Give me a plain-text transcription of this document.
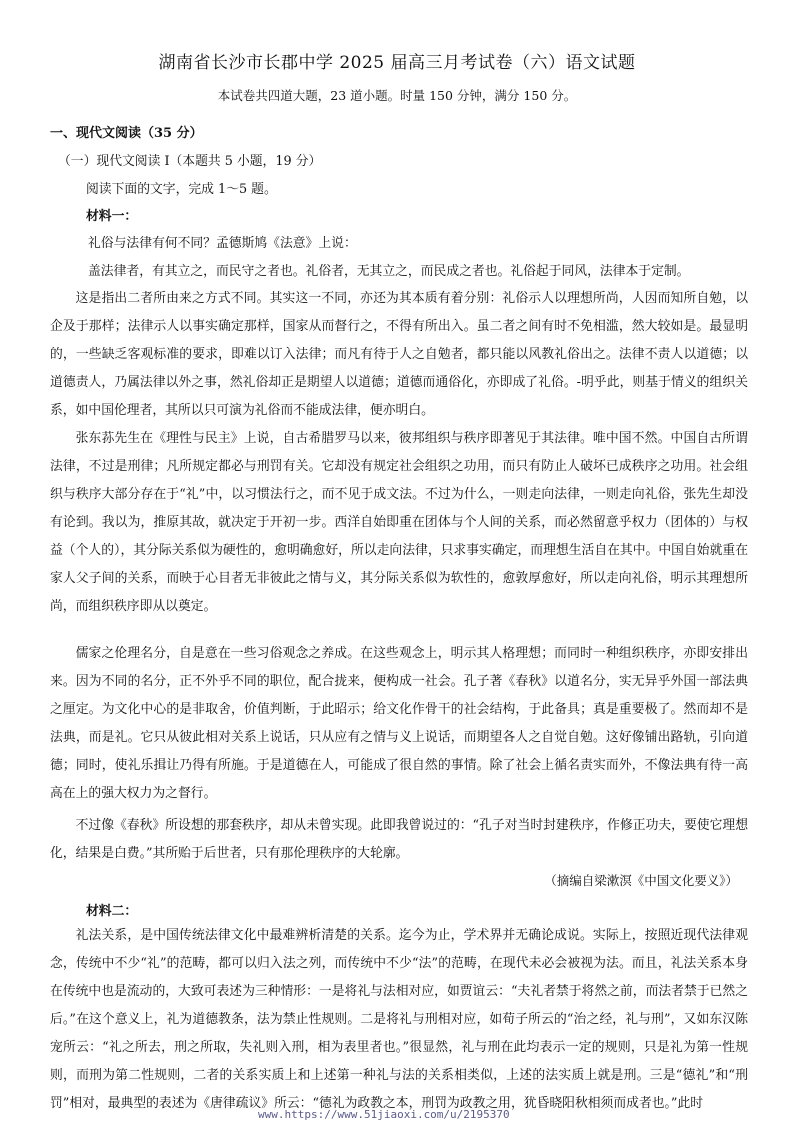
湖南省长沙市长郡中学 2025 届高三月考试卷（六）语文试题
本试卷共四道大题，23 道小题。时量 150 分钟，满分 150 分。
一、现代文阅读（35 分）
（一）现代文阅读 I（本题共 5 小题，19 分）
阅读下面的文字，完成 1～5 题。
材料一：
礼俗与法律有何不同？孟德斯鸠《法意》上说：
盖法律者，有其立之，而民守之者也。礼俗者，无其立之，而民成之者也。礼俗起于同风，法律本于定制。
这是指出二者所由来之方式不同。其实这一不同，亦还为其本质有着分别：礼俗示人以理想所尚，人因而知所自勉，以企及于那样；法律示人以事实确定那样，国家从而督行之，不得有所出入。虽二者之间有时不免相滥，然大较如是。最显明的，一些缺乏客观标准的要求，即难以订入法律；而凡有待于人之自勉者，都只能以风教礼俗出之。法律不责人以道德；以道德责人，乃属法律以外之事，然礼俗却正是期望人以道德；道德而通俗化，亦即成了礼俗。-明乎此，则基于情义的组织关系，如中国伦理者，其所以只可演为礼俗而不能成法律，便亦明白。
张东荪先生在《理性与民主》上说，自古希腊罗马以来，彼邦组织与秩序即著见于其法律。唯中国不然。中国自古所谓法律，不过是刑律；凡所规定都必与刑罚有关。它却没有规定社会组织之功用，而只有防止人破坏已成秩序之功用。社会组织与秩序大部分存在于“礼”中，以习惯法行之，而不见于成文法。不过为什么，一则走向法律，一则走向礼俗，张先生却没有论到。我以为，推原其故，就决定于开初一步。西洋自始即重在团体与个人间的关系，而必然留意乎权力（团体的）与权益（个人的），其分际关系似为硬性的，愈明确愈好，所以走向法律，只求事实确定，而理想生活自在其中。中国自始就重在家人父子间的关系，而映于心目者无非彼此之情与义，其分际关系似为软性的，愈敦厚愈好，所以走向礼俗，明示其理想所尚，而组织秩序即从以奠定。
儒家之伦理名分，自是意在一些习俗观念之养成。在这些观念上，明示其人格理想；而同时一种组织秩序，亦即安排出来。因为不同的名分，正不外乎不同的职位，配合拢来，便构成一社会。孔子著《春秋》以道名分，实无异乎外国一部法典之厘定。为文化中心的是非取舍，价值判断，于此昭示；给文化作骨干的社会结构，于此备具；真是重要极了。然而却不是法典，而是礼。它只从彼此相对关系上说话，只从应有之情与义上说话，而期望各人之自觉自勉。这好像铺出路轨，引向道德；同时，使礼乐揖让乃得有所施。于是道德在人，可能成了很自然的事情。除了社会上循名责实而外，不像法典有待一高高在上的强大权力为之督行。
不过像《春秋》所设想的那套秩序，却从未曾实现。此即我曾说过的：“孔子对当时封建秩序，作修正功夫，要使它理想化，结果是白费。”其所贻于后世者，只有那伦理秩序的大轮廓。
（摘编自梁漱溟《中国文化要义》）
材料二：
礼法关系，是中国传统法律文化中最难辨析清楚的关系。迄今为止，学术界并无确论成说。实际上，按照近现代法律观念，传统中不少“礼”的范畴，都可以归入法之列，而传统中不少“法”的范畴，在现代未必会被视为法。而且，礼法关系本身在传统中也是流动的，大致可表述为三种情形：一是将礼与法相对应，如贾谊云：“夫礼者禁于将然之前，而法者禁于已然之后。”在这个意义上，礼为道德教条，法为禁止性规则。二是将礼与刑相对应，如荀子所云的“治之经，礼与刑”，又如东汉陈宠所云：“礼之所去，刑之所取，失礼则入刑，相为表里者也。”很显然，礼与刑在此均表示一定的规则，只是礼为第一性规则，而刑为第二性规则，二者的关系实质上和上述第一种礼与法的关系相类似，上述的法实质上就是刑。三是“德礼”和“刑罚”相对，最典型的表述为《唐律疏议》所云：“德礼为政教之本，刑罚为政教之用，犹昏晓阳秋相须而成者也。”此时
www.https://www.51jiaoxi.com/u/2195370
